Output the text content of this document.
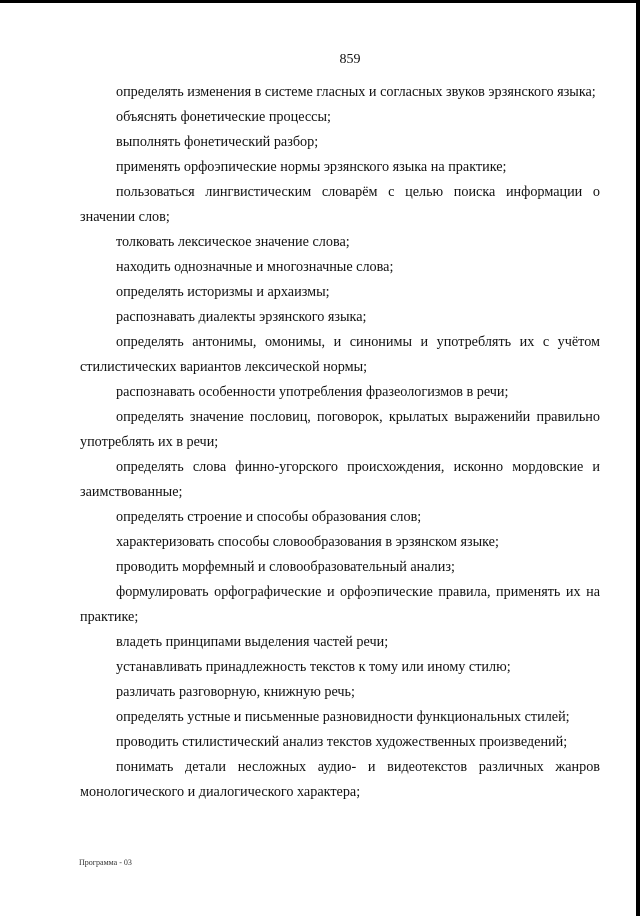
859

определять изменения в системе гласных и согласных звуков эрзянского языка;

объяснять фонетические процессы;

выполнять фонетический разбор;

применять орфоэпические нормы эрзянского языка на практике;

пользоваться лингвистическим словарём с целью поиска информации о значении слов;

толковать лексическое значение слова;

находить однозначные и многозначные слова;

определять историзмы и архаизмы;

распознавать диалекты эрзянского языка;

определять антонимы, омонимы, и синонимы и употреблять их с учётом стилистических вариантов лексической нормы;

распознавать особенности употребления фразеологизмов в речи;

определять значение пословиц, поговорок, крылатых выраженийи правильно употреблять их в речи;

определять слова финно-угорского происхождения, исконно мордовские и заимствованные;

определять строение и способы образования слов;

характеризовать способы словообразования в эрзянском языке;

проводить морфемный и словообразовательный анализ;

формулировать орфографические и орфоэпические правила, применять их на практике;

владеть принципами выделения частей речи;

устанавливать принадлежность текстов к тому или иному стилю;

различать разговорную, книжную речь;

определять устные и письменные разновидности функциональных стилей;

проводить стилистический анализ текстов художественных произведений;

понимать детали несложных аудио- и видеотекстов различных жанров монологического и диалогического характера;

Программа - 03
